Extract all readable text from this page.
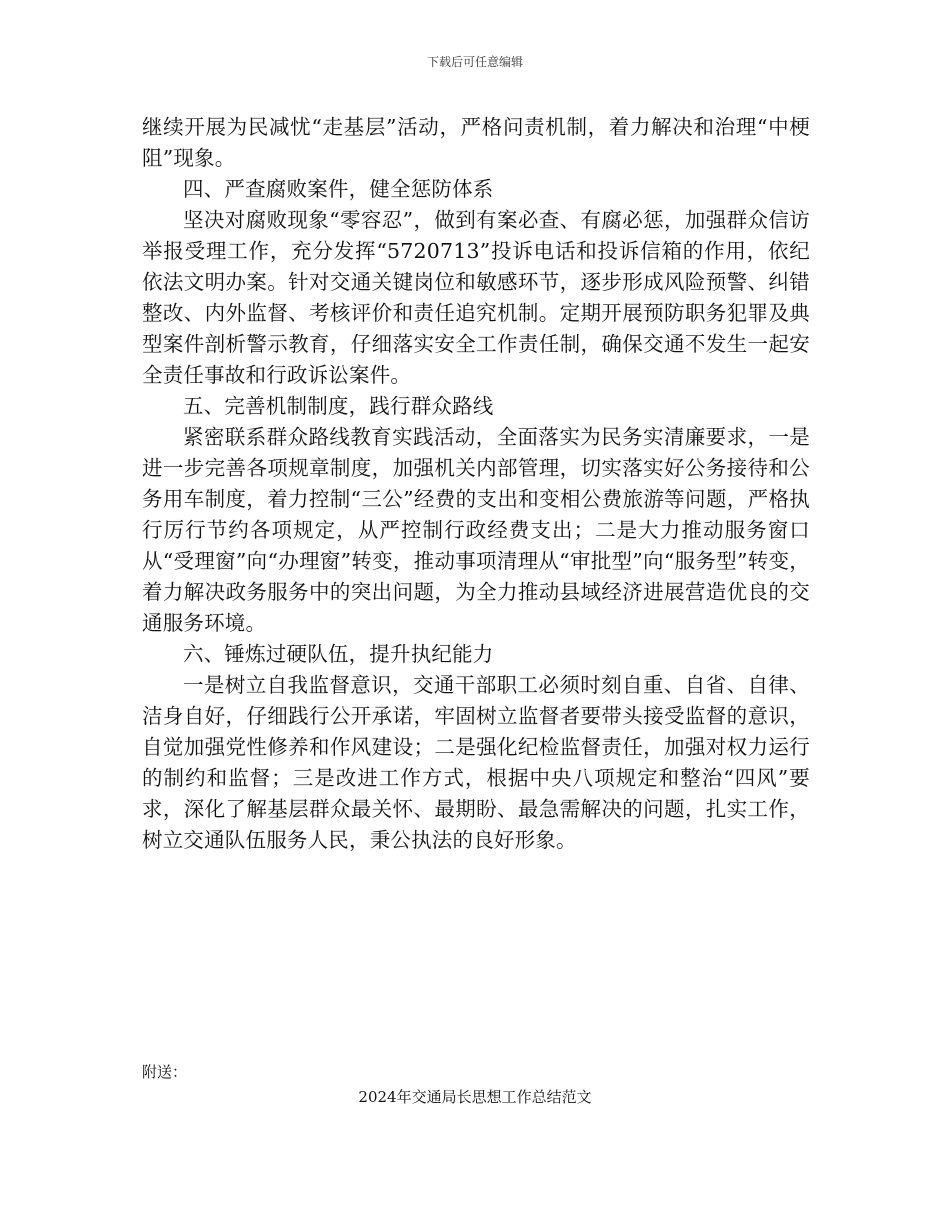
下载后可任意编辑

继续开展为民减忧“走基层”活动，严格问责机制，着力解决和治理“中梗阻”现象。

四、严查腐败案件，健全惩防体系

坚决对腐败现象“零容忍”，做到有案必查、有腐必惩，加强群众信访举报受理工作，充分发挥“5720713”投诉电话和投诉信箱的作用，依纪依法文明办案。针对交通关键岗位和敏感环节，逐步形成风险预警、纠错整改、内外监督、考核评价和责任追究机制。定期开展预防职务犯罪及典型案件剖析警示教育，仔细落实安全工作责任制，确保交通不发生一起安全责任事故和行政诉讼案件。

五、完善机制制度，践行群众路线

紧密联系群众路线教育实践活动，全面落实为民务实清廉要求，一是进一步完善各项规章制度，加强机关内部管理，切实落实好公务接待和公务用车制度，着力控制“三公”经费的支出和变相公费旅游等问题，严格执行厉行节约各项规定，从严控制行政经费支出；二是大力推动服务窗口从“受理窗”向“办理窗”转变，推动事项清理从“审批型”向“服务型”转变，着力解决政务服务中的突出问题，为全力推动县域经济进展营造优良的交通服务环境。

六、锤炼过硬队伍，提升执纪能力

一是树立自我监督意识，交通干部职工必须时刻自重、自省、自律、洁身自好，仔细践行公开承诺，牢固树立监督者要带头接受监督的意识，自觉加强党性修养和作风建设；二是强化纪检监督责任，加强对权力运行的制约和监督；三是改进工作方式，根据中央八项规定和整治“四风”要求，深化了解基层群众最关怀、最期盼、最急需解决的问题，扎实工作，树立交通队伍服务人民，秉公执法的良好形象。

附送：
2024年交通局长思想工作总结范文
